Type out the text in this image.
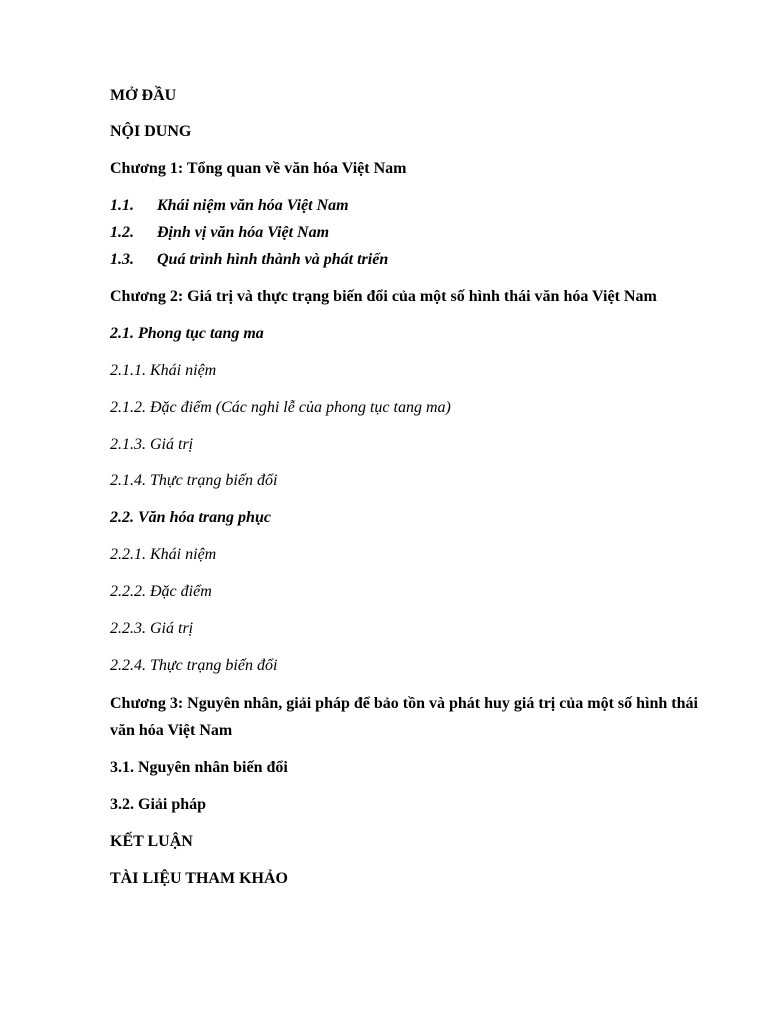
MỞ ĐẦU
NỘI DUNG
Chương 1: Tổng quan về văn hóa Việt Nam
1.1. Khái niệm văn hóa Việt Nam
1.2. Định vị văn hóa Việt Nam
1.3. Quá trình hình thành và phát triển
Chương 2: Giá trị và thực trạng biến đổi của một số hình thái văn hóa Việt Nam
2.1. Phong tục tang ma
2.1.1. Khái niệm
2.1.2. Đặc điểm (Các nghi lễ của phong tục tang ma)
2.1.3. Giá trị
2.1.4. Thực trạng biến đổi
2.2. Văn hóa trang phục
2.2.1. Khái niệm
2.2.2. Đặc điểm
2.2.3. Giá trị
2.2.4. Thực trạng biến đổi
Chương 3: Nguyên nhân, giải pháp để bảo tồn và phát huy giá trị của một số hình thái văn hóa Việt Nam
3.1. Nguyên nhân biến đổi
3.2. Giải pháp
KẾT LUẬN
TÀI LIỆU THAM KHẢO
